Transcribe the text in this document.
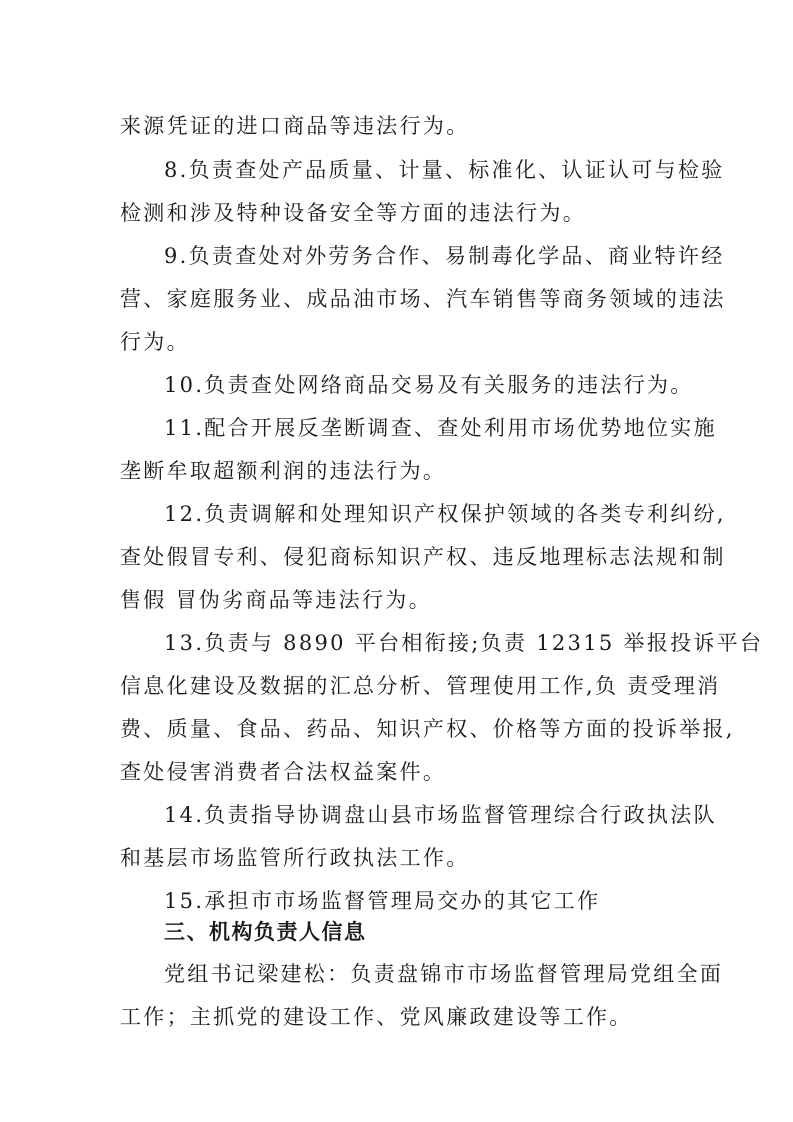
来源凭证的进口商品等违法行为。
8.负责查处产品质量、计量、标准化、认证认可与检验
检测和涉及特种设备安全等方面的违法行为。
9.负责查处对外劳务合作、易制毒化学品、商业特许经
营、家庭服务业、成品油市场、汽车销售等商务领域的违法
行为。
10.负责查处网络商品交易及有关服务的违法行为。
11.配合开展反垄断调查、查处利用市场优势地位实施
垄断牟取超额利润的违法行为。
12.负责调解和处理知识产权保护领域的各类专利纠纷,
查处假冒专利、侵犯商标知识产权、违反地理标志法规和制
售假 冒伪劣商品等违法行为。
13.负责与 8890 平台相衔接;负责 12315 举报投诉平台
信息化建设及数据的汇总分析、管理使用工作,负 责受理消
费、质量、食品、药品、知识产权、价格等方面的投诉举报,
查处侵害消费者合法权益案件。
14.负责指导协调盘山县市场监督管理综合行政执法队
和基层市场监管所行政执法工作。
15.承担市市场监督管理局交办的其它工作
三、机构负责人信息
党组书记梁建松：负责盘锦市市场监督管理局党组全面
工作；主抓党的建设工作、党风廉政建设等工作。
